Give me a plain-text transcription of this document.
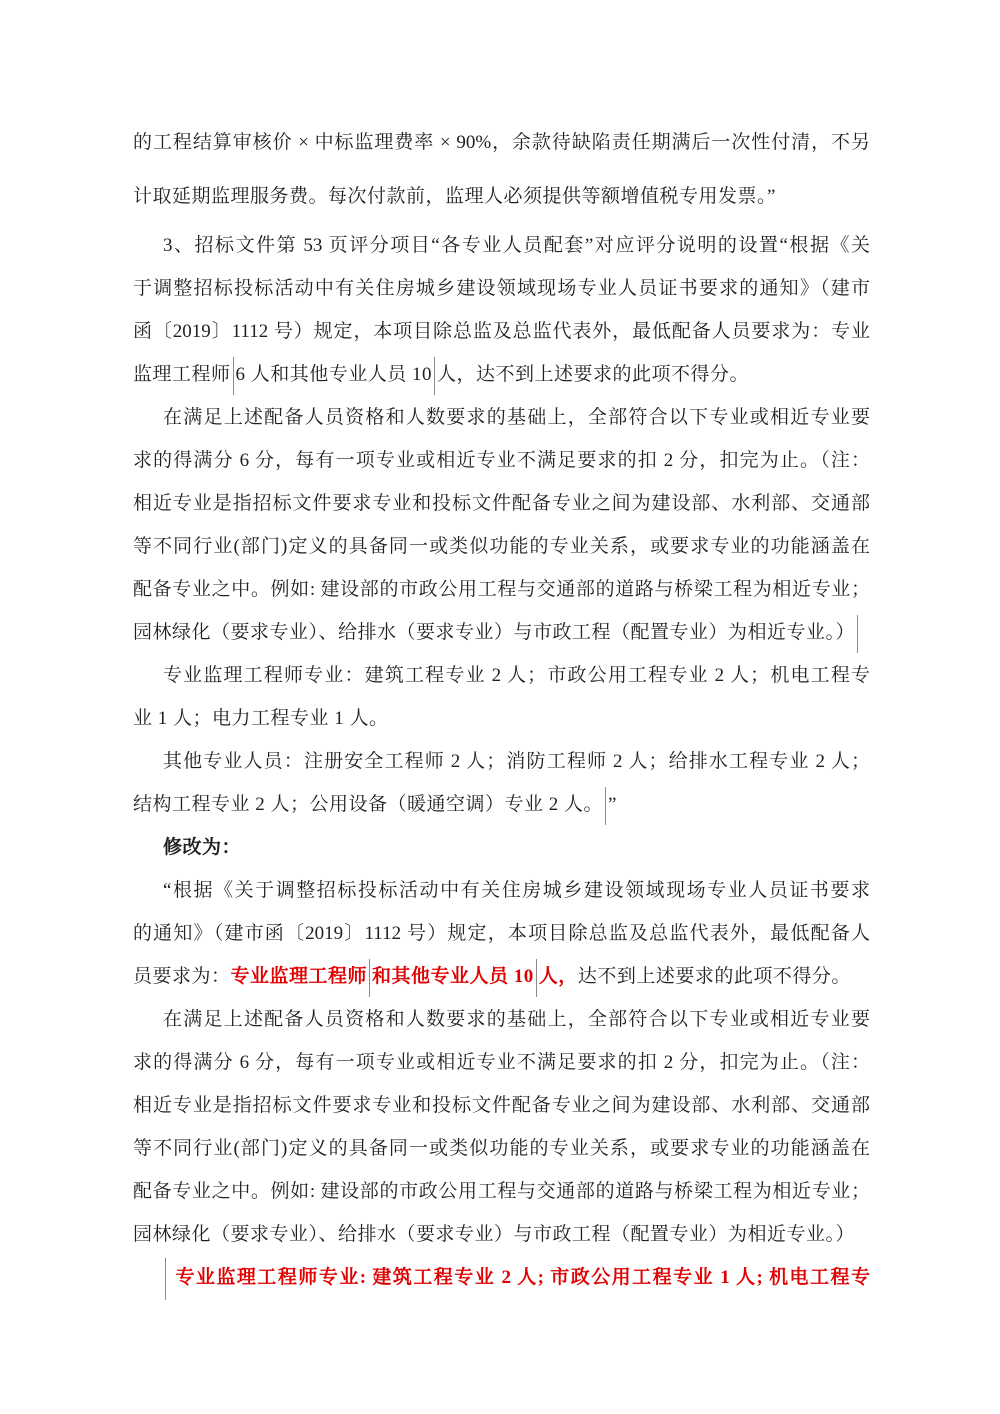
的工程结算审核价 × 中标监理费率 × 90%，余款待缺陷责任期满后一次性付清，不另
计取延期监理服务费。每次付款前，监理人必须提供等额增值税专用发票。”
3、招标文件第 53 页评分项目“各专业人员配套”对应评分说明的设置“根据《关
于调整招标投标活动中有关住房城乡建设领域现场专业人员证书要求的通知》（建市
函〔2019〕1112 号）规定，本项目除总监及总监代表外，最低配备人员要求为：专业
监理工程师 6 人和其他专业人员 10 人，达不到上述要求的此项不得分。
在满足上述配备人员资格和人数要求的基础上，全部符合以下专业或相近专业要
求的得满分 6 分，每有一项专业或相近专业不满足要求的扣 2 分，扣完为止。（注：
相近专业是指招标文件要求专业和投标文件配备专业之间为建设部、水利部、交通部
等不同行业(部门)定义的具备同一或类似功能的专业关系，或要求专业的功能涵盖在
配备专业之中。例如: 建设部的市政公用工程与交通部的道路与桥梁工程为相近专业；
园林绿化（要求专业）、给排水（要求专业）与市政工程（配置专业）为相近专业。）
专业监理工程师专业：建筑工程专业 2 人；市政公用工程专业 2 人；机电工程专
业 1 人；电力工程专业 1 人。
其他专业人员：注册安全工程师 2 人；消防工程师 2 人；给排水工程专业 2 人；
结构工程专业 2 人；公用设备（暖通空调）专业 2 人。 ”
修改为：
“根据《关于调整招标投标活动中有关住房城乡建设领域现场专业人员证书要求
的通知》（建市函〔2019〕1112 号）规定，本项目除总监及总监代表外，最低配备人
员要求为：专业监理工程师 和其他专业人员 10 人，达不到上述要求的此项不得分。
在满足上述配备人员资格和人数要求的基础上，全部符合以下专业或相近专业要
求的得满分 6 分，每有一项专业或相近专业不满足要求的扣 2 分，扣完为止。（注：
相近专业是指招标文件要求专业和投标文件配备专业之间为建设部、水利部、交通部
等不同行业(部门)定义的具备同一或类似功能的专业关系，或要求专业的功能涵盖在
配备专业之中。例如: 建设部的市政公用工程与交通部的道路与桥梁工程为相近专业；
园林绿化（要求专业）、给排水（要求专业）与市政工程（配置专业）为相近专业。）
专业监理工程师专业: 建筑工程专业 2 人; 市政公用工程专业 1 人; 机电工程专
